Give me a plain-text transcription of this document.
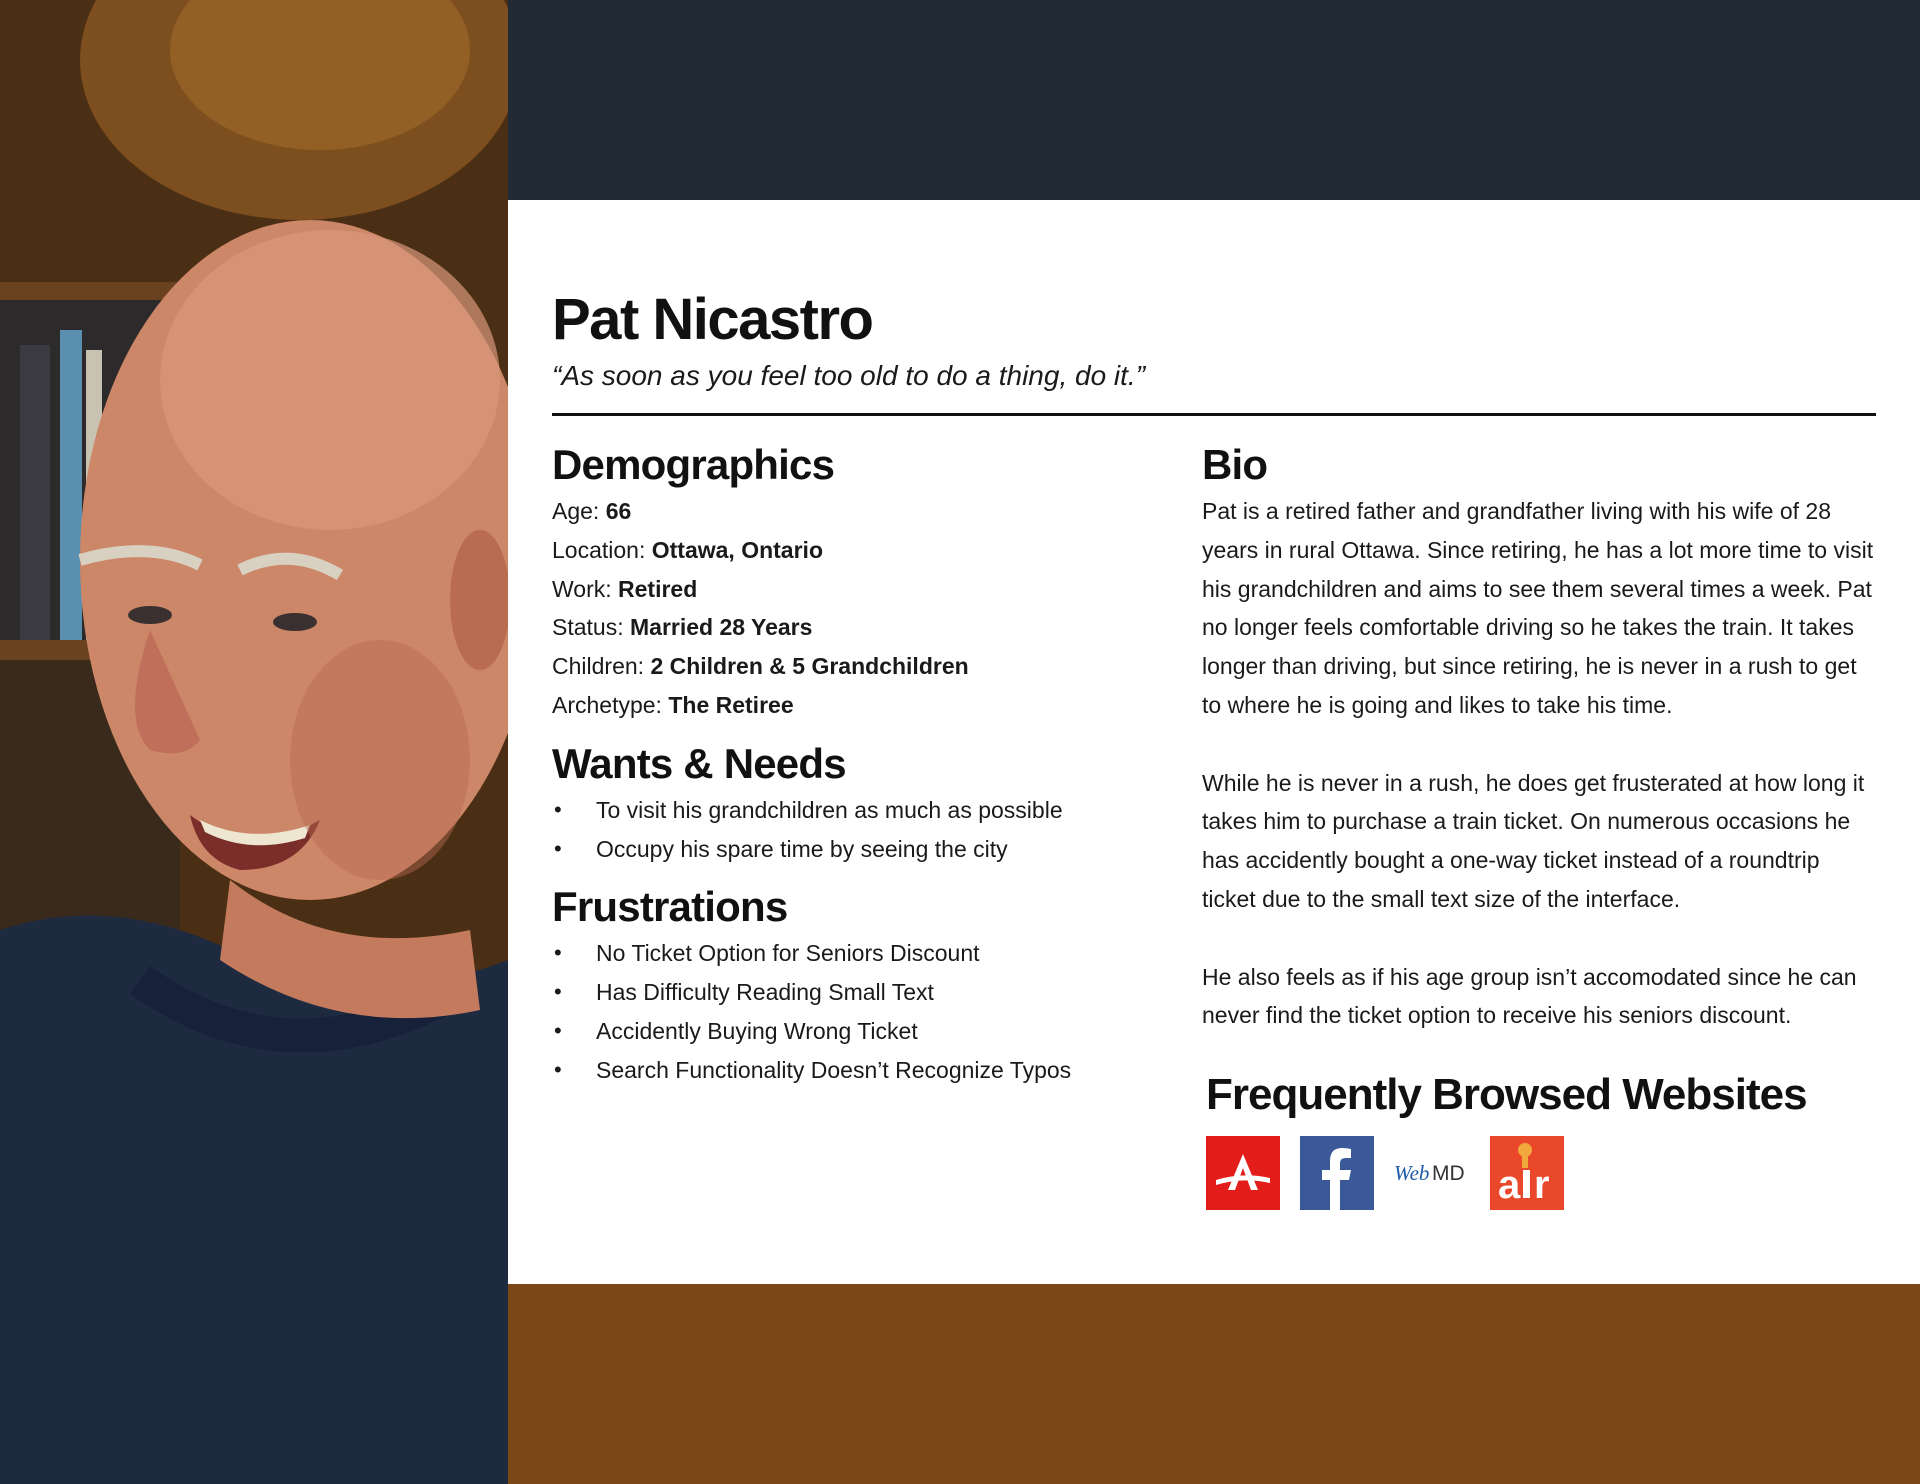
Pat Nicastro
“As soon as you feel too old to do a thing, do it.”
Demographics
Age: 66
Location: Ottawa, Ontario
Work: Retired
Status: Married 28 Years
Children: 2 Children & 5 Grandchildren
Archetype: The Retiree
Wants & Needs
• To visit his grandchildren as much as possible
• Occupy his spare time by seeing the city
Frustrations
• No Ticket Option for Seniors Discount
• Has Difficulty Reading Small Text
• Accidently Buying Wrong Ticket
• Search Functionality Doesn’t Recognize Typos
Bio

Pat is a retired father and grandfather living with his wife of 28 years in rural Ottawa. Since retiring, he has a lot more time to visit his grandchildren and aims to see them several times a week. Pat no longer feels comfortable driving so he takes the train. It takes longer than driving, but since retiring, he is never in a rush to get to where he is going and likes to take his time.

While he is never in a rush, he does get frusterated at how long it takes him to purchase a train ticket. On numerous occasions he has accidently bought a one-way ticket instead of a roundtrip ticket due to the small text size of the interface.

He also feels as if his age group isn’t accomodated since he can never find the ticket option to receive his seniors discount.

Frequently Browsed Websites
Web MD a r
